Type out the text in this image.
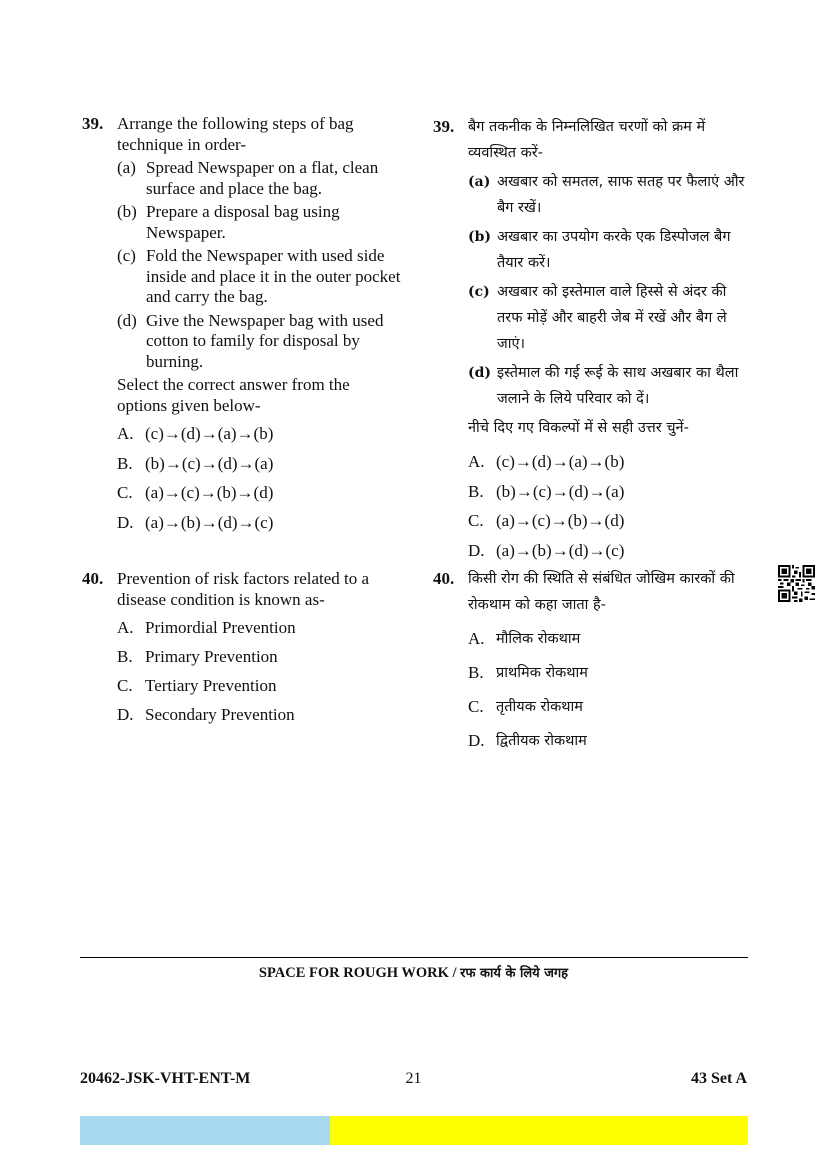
39. Arrange the following steps of bag technique in order-
(a) Spread Newspaper on a flat, clean surface and place the bag.
(b) Prepare a disposal bag using Newspaper.
(c) Fold the Newspaper with used side inside and place it in the outer pocket and carry the bag.
(d) Give the Newspaper bag with used cotton to family for disposal by burning.
Select the correct answer from the options given below-
A. (c)→(d)→(a)→(b)
B. (b)→(c)→(d)→(a)
C. (a)→(c)→(b)→(d)
D. (a)→(b)→(d)→(c)
39. बैग तकनीक के निम्नलिखित चरणों को क्रम में व्यवस्थित करें-
(a) अखबार को समतल, साफ सतह पर फैलाएं और बैग रखें।
(b) अखबार का उपयोग करके एक डिस्पोजल बैग तैयार करें।
(c) अखबार को इस्तेमाल वाले हिस्से से अंदर की तरफ मोड़ें और बाहरी जेब में रखें और बैग ले जाएं।
(d) इस्तेमाल की गई रूई के साथ अखबार का थैला जलाने के लिये परिवार को दें।
नीचे दिए गए विकल्पों में से सही उत्तर चुनें-
A. (c)→(d)→(a)→(b)
B. (b)→(c)→(d)→(a)
C. (a)→(c)→(b)→(d)
D. (a)→(b)→(d)→(c)
40. Prevention of risk factors related to a disease condition is known as-
A. Primordial Prevention
B. Primary Prevention
C. Tertiary Prevention
D. Secondary Prevention
40. किसी रोग की स्थिति से संबंधित जोखिम कारकों की रोकथाम को कहा जाता है-
A. मौलिक रोकथाम
B. प्राथमिक रोकथाम
C. तृतीयक रोकथाम
D. द्वितीयक रोकथाम
SPACE FOR ROUGH WORK / रफ कार्य के लिये जगह
21
20462-JSK-VHT-ENT-M	43 Set A
